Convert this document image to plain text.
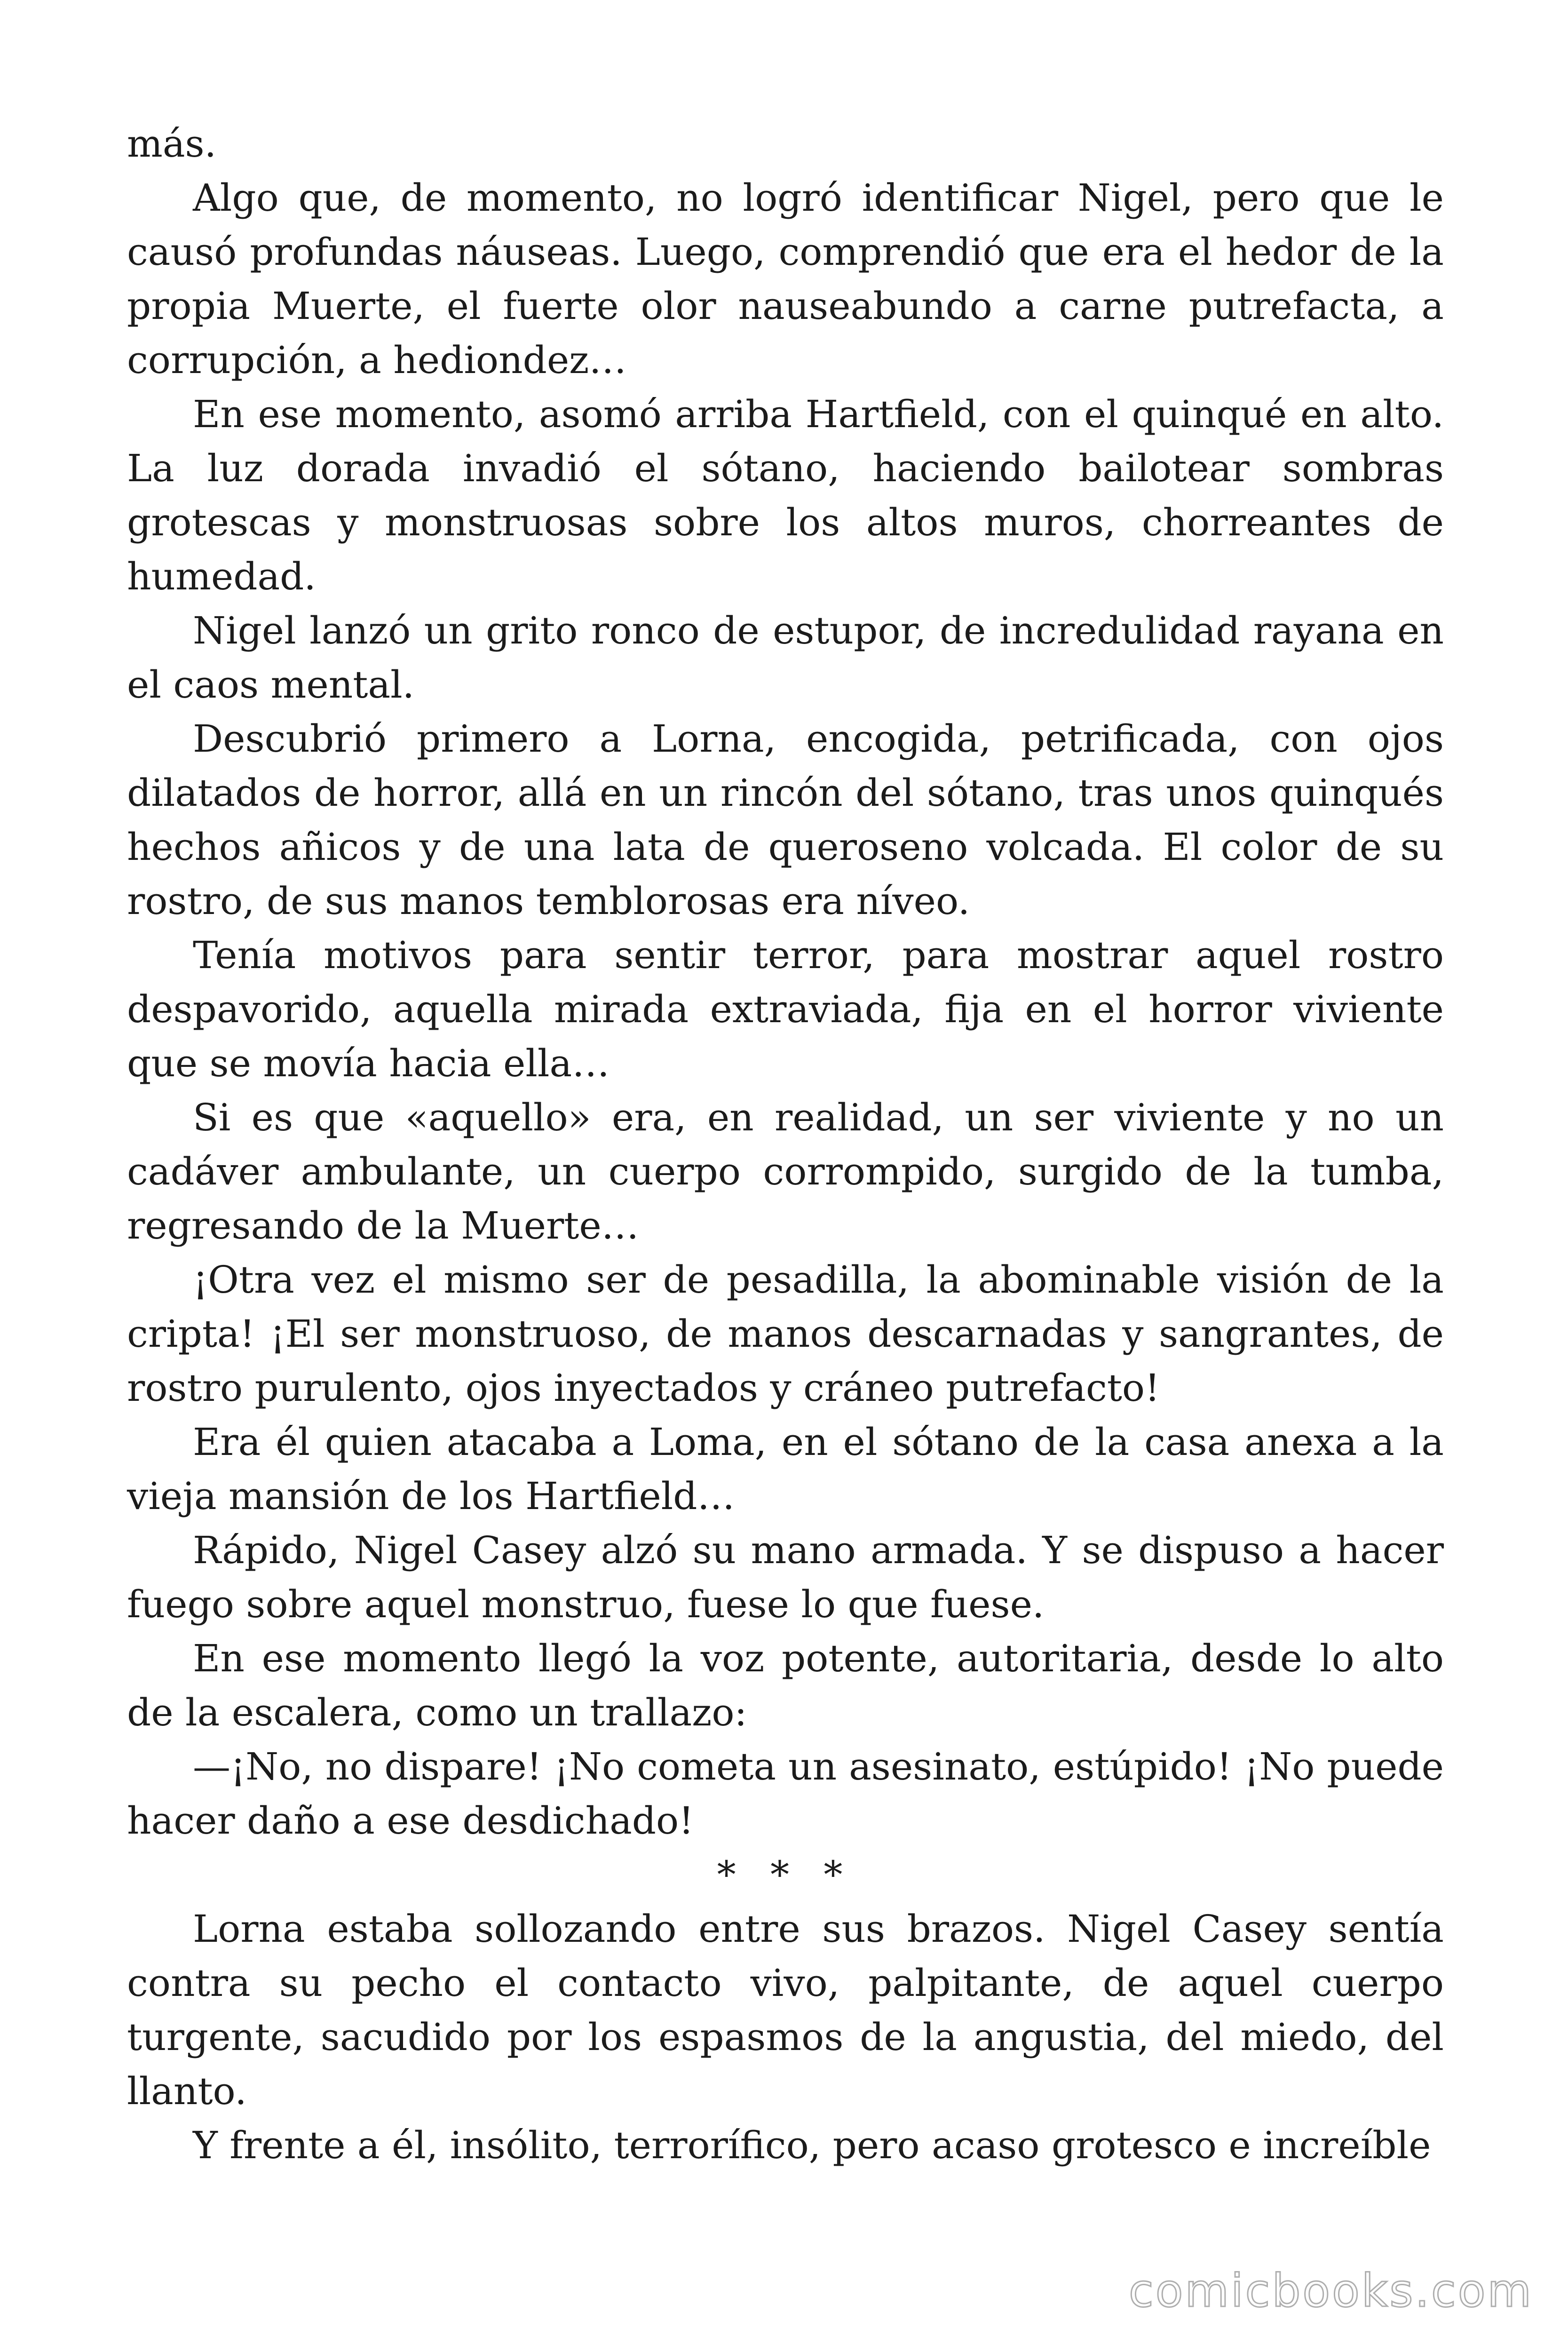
más.

Algo que, de momento, no logró identificar Nigel, pero que le causó profundas náuseas. Luego, comprendió que era el hedor de la propia Muerte, el fuerte olor nauseabundo a carne putrefacta, a corrupción, a hediondez…

En ese momento, asomó arriba Hartfield, con el quinqué en alto. La luz dorada invadió el sótano, haciendo bailotear sombras grotescas y monstruosas sobre los altos muros, chorreantes de humedad.

Nigel lanzó un grito ronco de estupor, de incredulidad rayana en el caos mental.

Descubrió primero a Lorna, encogida, petrificada, con ojos dilatados de horror, allá en un rincón del sótano, tras unos quinqués hechos añicos y de una lata de queroseno volcada. El color de su rostro, de sus manos temblorosas era níveo.

Tenía motivos para sentir terror, para mostrar aquel rostro despavorido, aquella mirada extraviada, fija en el horror viviente que se movía hacia ella…

Si es que «aquello» era, en realidad, un ser viviente y no un cadáver ambulante, un cuerpo corrompido, surgido de la tumba, regresando de la Muerte…

¡Otra vez el mismo ser de pesadilla, la abominable visión de la cripta! ¡El ser monstruoso, de manos descarnadas y sangrantes, de rostro purulento, ojos inyectados y cráneo putrefacto!

Era él quien atacaba a Loma, en el sótano de la casa anexa a la vieja mansión de los Hartfield…

Rápido, Nigel Casey alzó su mano armada. Y se dispuso a hacer fuego sobre aquel monstruo, fuese lo que fuese.

En ese momento llegó la voz potente, autoritaria, desde lo alto de la escalera, como un trallazo:

—¡No, no dispare! ¡No cometa un asesinato, estúpido! ¡No puede hacer daño a ese desdichado!

* * *

Lorna estaba sollozando entre sus brazos. Nigel Casey sentía contra su pecho el contacto vivo, palpitante, de aquel cuerpo turgente, sacudido por los espasmos de la angustia, del miedo, del llanto.

Y frente a él, insólito, terrorífico, pero acaso grotesco e increíble

comicbooks.com
